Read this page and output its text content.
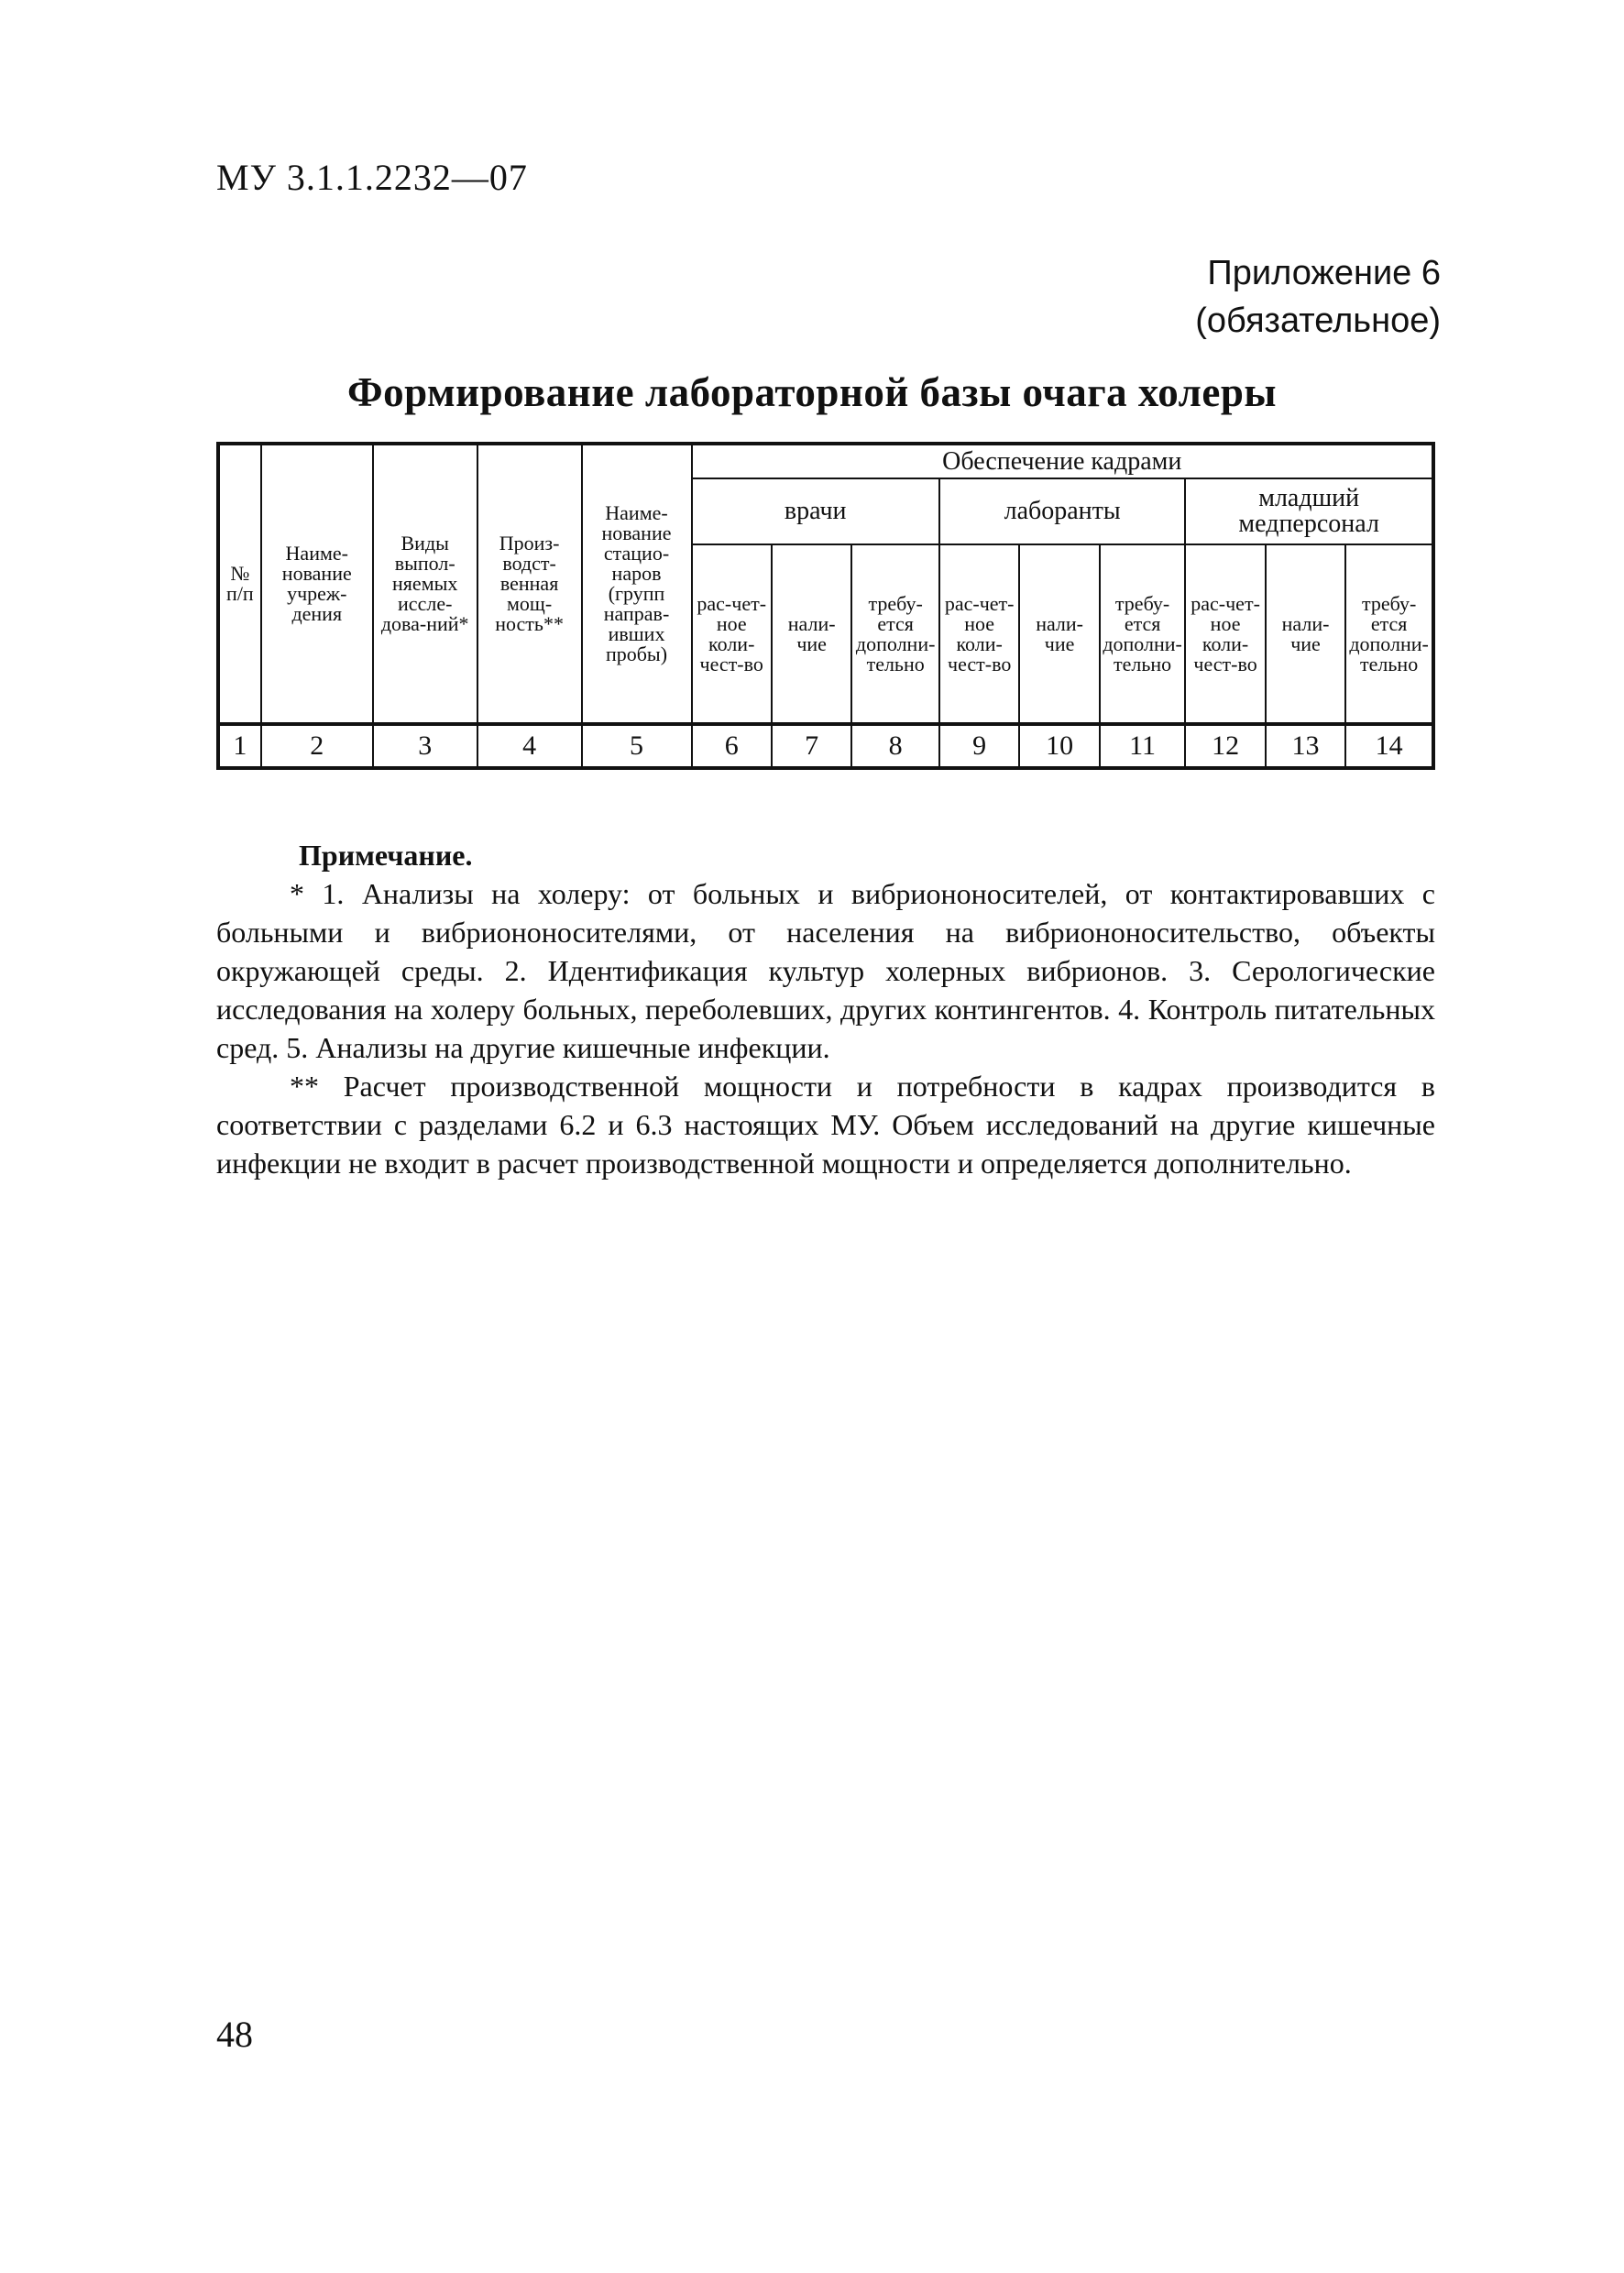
МУ 3.1.1.2232—07
Приложение 6
(обязательное)
Формирование лабораторной базы очага холеры
№ п/п	Наиме-нование учреж-дения	Виды выпол-няемых иссле-дова-ний*	Произ-водст-венная мощ-ность**	Наиме-нование стацио-наров (групп направ-ивших пробы)	Обеспечение кадрами								
					врачи			лаборанты			младший медперсонал		
					рас-чет-ное коли-чест-во	нали-чие	требу-ется дополни-тельно	рас-чет-ное коли-чест-во	нали-чие	требу-ется дополни-тельно	рас-чет-ное коли-чест-во	нали-чие	требу-ется дополни-тельно
1	2	3	4	5	6	7	8	9	10	11	12	13	14
Примечание.

* 1. Анализы на холеру: от больных и вибриононосителей, от контактировавших с больными и вибриононосителями, от населения на вибриононосительство, объекты окружающей среды. 2. Идентификация культур холерных вибрионов. 3. Серологические исследования на холеру больных, переболевших, других контингентов. 4. Контроль питательных сред. 5. Анализы на другие кишечные инфекции.

** Расчет производственной мощности и потребности в кадрах производится в соответствии с разделами 6.2 и 6.3 настоящих МУ. Объем исследований на другие кишечные инфекции не входит в расчет производственной мощности и определяется дополнительно.

48
